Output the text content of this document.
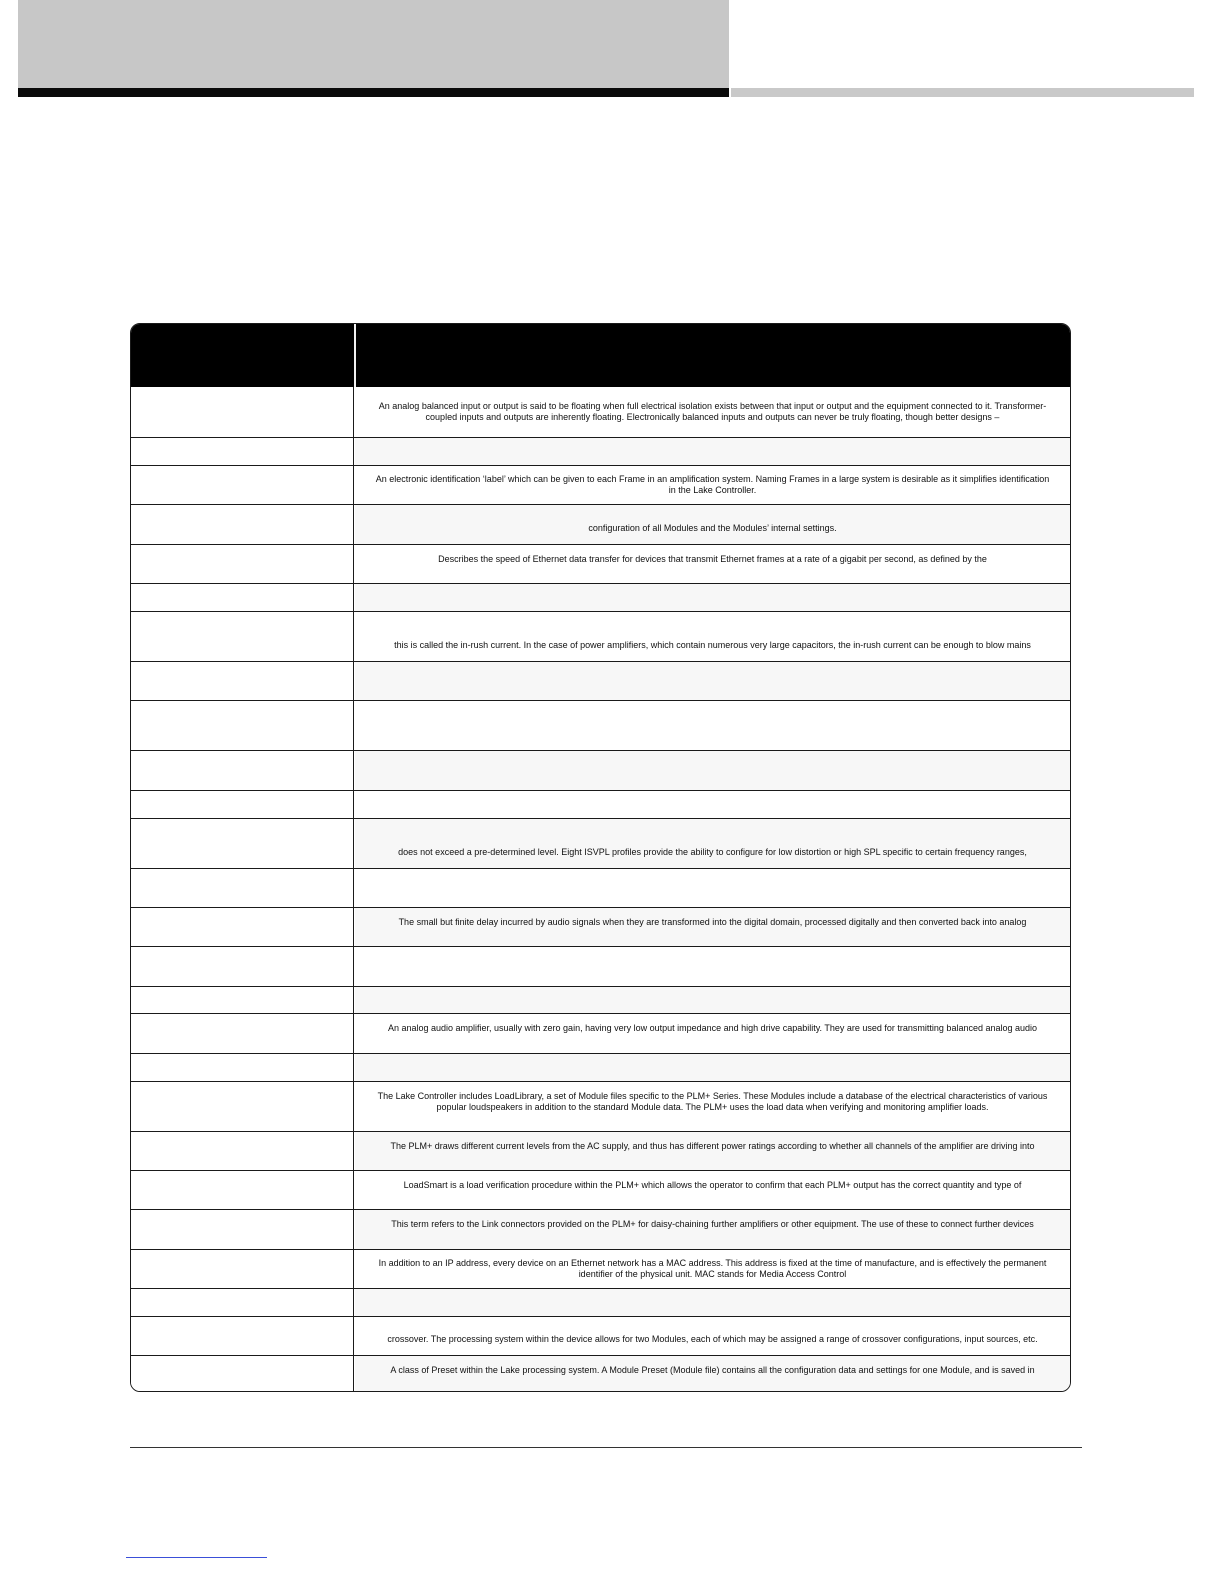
An analog balanced input or output is said to be floating when full electrical isolation exists between that input or output and the equipment connected to it. Transformer-coupled inputs and outputs are inherently floating. Electronically balanced inputs and outputs can never be truly floating, though better designs –
An electronic identification ‘label’ which can be given to each Frame in an amplification system. Naming Frames in a large system is desirable as it simplifies identification in the Lake Controller.
configuration of all Modules and the Modules’ internal settings.
Describes the speed of Ethernet data transfer for devices that transmit Ethernet frames at a rate of a gigabit per second, as defined by the
this is called the in-rush current. In the case of power amplifiers, which contain numerous very large capacitors, the in-rush current can be enough to blow mains
does not exceed a pre-determined level. Eight ISVPL profiles provide the ability to configure for low distortion or high SPL specific to certain frequency ranges,
The small but finite delay incurred by audio signals when they are transformed into the digital domain, processed digitally and then converted back into analog
An analog audio amplifier, usually with zero gain, having very low output impedance and high drive capability. They are used for transmitting balanced analog audio
The Lake Controller includes LoadLibrary, a set of Module files specific to the PLM+ Series. These Modules include a database of the electrical characteristics of various popular loudspeakers in addition to the standard Module data. The PLM+ uses the load data when verifying and monitoring amplifier loads.
The PLM+ draws different current levels from the AC supply, and thus has different power ratings according to whether all channels of the amplifier are driving into
LoadSmart is a load verification procedure within the PLM+ which allows the operator to confirm that each PLM+ output has the correct quantity and type of
This term refers to the Link connectors provided on the PLM+ for daisy-chaining further amplifiers or other equipment. The use of these to connect further devices
In addition to an IP address, every device on an Ethernet network has a MAC address. This address is fixed at the time of manufacture, and is effectively the permanent identifier of the physical unit. MAC stands for Media Access Control
crossover. The processing system within the device allows for two Modules, each of which may be assigned a range of crossover configurations, input sources, etc.
A class of Preset within the Lake processing system. A Module Preset (Module file) contains all the configuration data and settings for one Module, and is saved in
